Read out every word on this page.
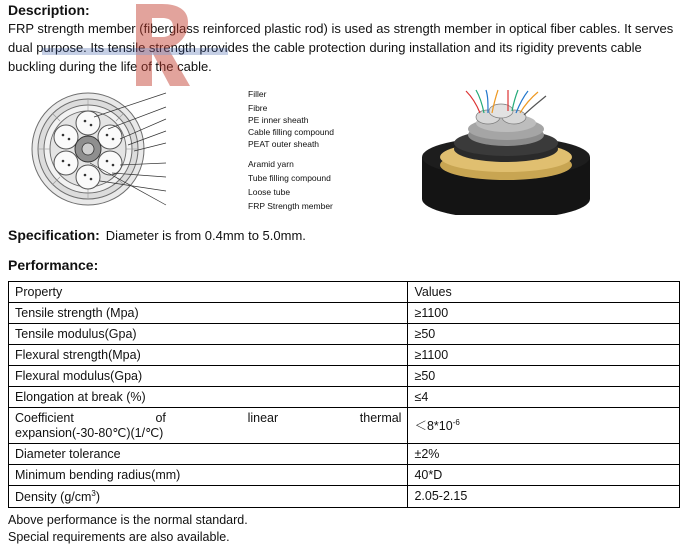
Description:

FRP strength member (fiberglass reinforced plastic rod) is used as strength member in optical fiber cables. It serves dual purpose. Its tensile strength provides the cable protection during installation and its rigidity prevents cable buckling during the life of the cable.

Filler
Fibre
PE inner sheath
Cable filling compound
PEAT outer sheath
Aramid yarn
Tube filling compound
Loose tube
FRP Strength member
Specification: Diameter is from 0.4mm to 5.0mm.
Performance:
Property	Values
Tensile strength (Mpa)	≥1100
Tensile modulus(Gpa)	≥50
Flexural strength(Mpa)	≥1100
Flexural modulus(Gpa)	≥50
Elongation at break (%)	≤4

Coefficient of linear thermal
expansion(-30-80℃)(1/℃)	$<8*10^{-6}$
Diameter tolerance	±2%
Minimum bending radius(mm)	40*D
Density $(g/cm^3)$	2.05-2.15
Above performance is the normal standard.
Special requirements are also available.
